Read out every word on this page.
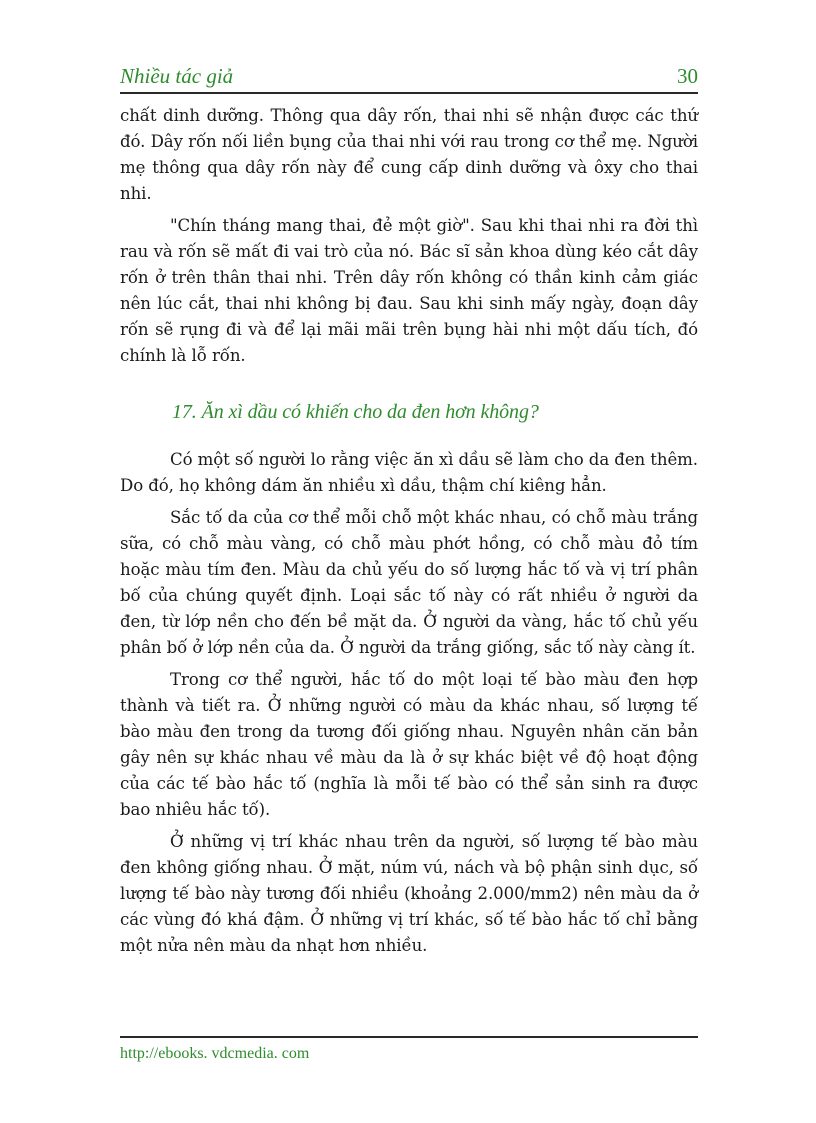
Nhiều tác giả	30

chất dinh dưỡng. Thông qua dây rốn, thai nhi sẽ nhận được các thứ đó. Dây rốn nối liền bụng của thai nhi với rau trong cơ thể mẹ. Người mẹ thông qua dây rốn này để cung cấp dinh dưỡng và ôxy cho thai nhi.

"Chín tháng mang thai, đẻ một giờ". Sau khi thai nhi ra đời thì rau và rốn sẽ mất đi vai trò của nó. Bác sĩ sản khoa dùng kéo cắt dây rốn ở trên thân thai nhi. Trên dây rốn không có thần kinh cảm giác nên lúc cắt, thai nhi không bị đau. Sau khi sinh mấy ngày, đoạn dây rốn sẽ rụng đi và để lại mãi mãi trên bụng hài nhi một dấu tích, đó chính là lỗ rốn.

17. Ăn xì dầu có khiến cho da đen hơn không?

Có một số người lo rằng việc ăn xì dầu sẽ làm cho da đen thêm. Do đó, họ không dám ăn nhiều xì dầu, thậm chí kiêng hẳn.

Sắc tố da của cơ thể mỗi chỗ một khác nhau, có chỗ màu trắng sữa, có chỗ màu vàng, có chỗ màu phớt hồng, có chỗ màu đỏ tím hoặc màu tím đen. Màu da chủ yếu do số lượng hắc tố và vị trí phân bố của chúng quyết định. Loại sắc tố này có rất nhiều ở người da đen, từ lớp nền cho đến bề mặt da. Ở người da vàng, hắc tố chủ yếu phân bố ở lớp nền của da. Ở người da trắng giống, sắc tố này càng ít.

Trong cơ thể người, hắc tố do một loại tế bào màu đen hợp thành và tiết ra. Ở những người có màu da khác nhau, số lượng tế bào màu đen trong da tương đối giống nhau. Nguyên nhân căn bản gây nên sự khác nhau về màu da là ở sự khác biệt về độ hoạt động của các tế bào hắc tố (nghĩa là mỗi tế bào có thể sản sinh ra được bao nhiêu hắc tố).

Ở những vị trí khác nhau trên da người, số lượng tế bào màu đen không giống nhau. Ở mặt, núm vú, nách và bộ phận sinh dục, số lượng tế bào này tương đối nhiều (khoảng 2.000/mm2) nên màu da ở các vùng đó khá đậm. Ở những vị trí khác, số tế bào hắc tố chỉ bằng một nửa nên màu da nhạt hơn nhiều.

http://ebooks. vdcmedia. com
